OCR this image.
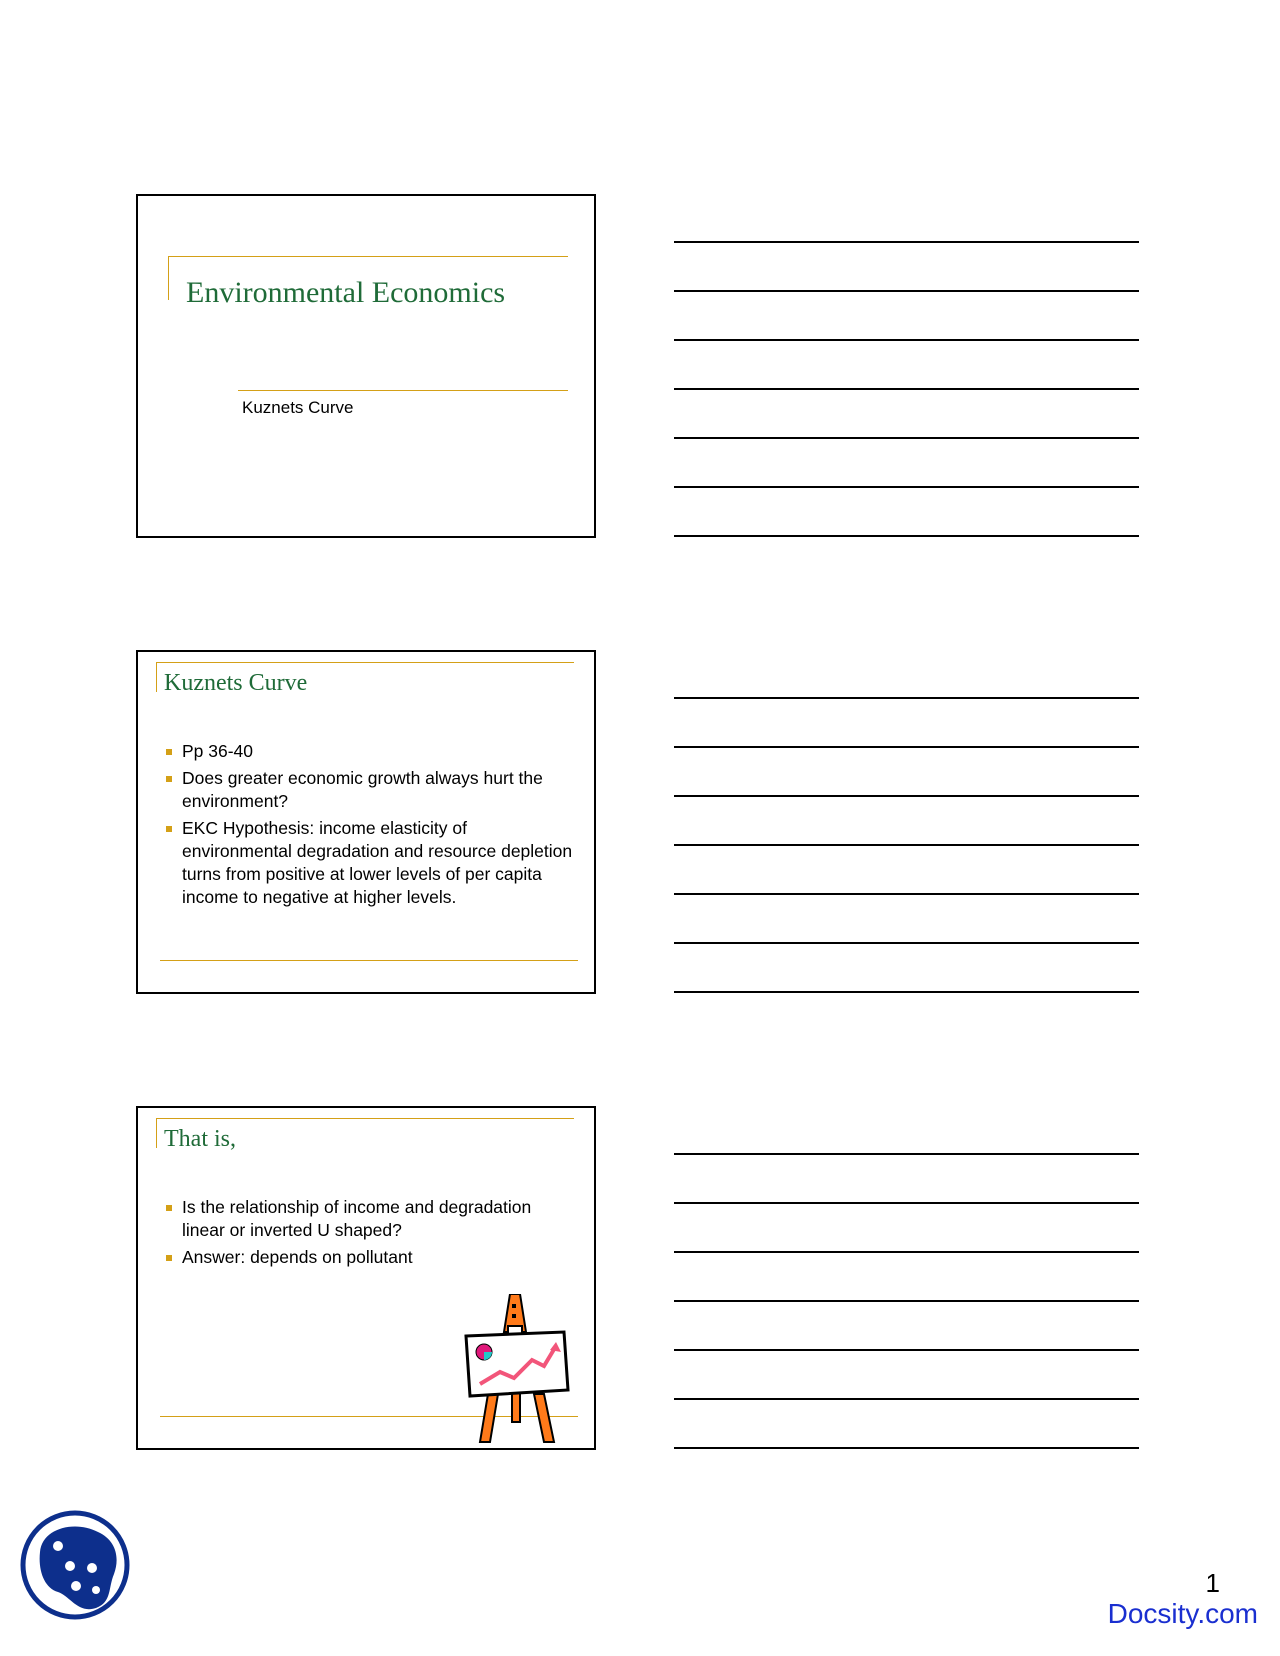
Environmental Economics
Kuznets Curve
Kuznets Curve
Pp 36-40
Does greater economic growth always hurt the environment?
EKC Hypothesis: income elasticity of environmental degradation and resource depletion turns from positive at lower levels of per capita income to negative at higher levels.
That is,
Is the relationship of income and degradation linear or inverted U shaped?
Answer: depends on pollutant
1
Docsity.com
